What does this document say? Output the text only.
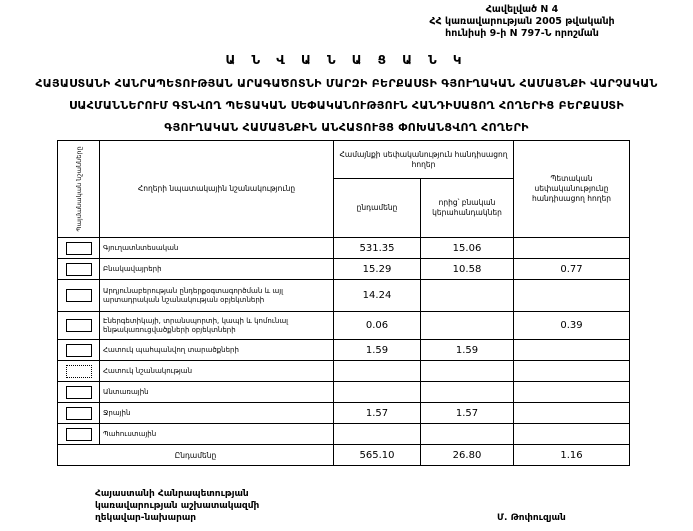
Հավելված N 4
ՀՀ կառավարության 2005 թվականի
հունիսի 9-ի N 797-Ն որոշման
Ա Ն Վ Ա Ն Ա Ց Ա Ն Կ
ՀԱՅԱՍՏԱՆԻ ՀԱՆՐԱՊԵՏՈՒԹՅԱՆ ԱՐԱԳԱԾՈՏՆԻ ՄԱՐԶԻ ԲԵՐՔԱՍՏԻ ԳՅՈՒՂԱԿԱՆ ՀԱՄԱՅՆՔԻ ՎԱՐՉԱԿԱՆ
ՍԱՀՄԱՆՆԵՐՈՒՄ ԳՏՆՎՈՂ ՊԵՏԱԿԱՆ ՍԵՓԱԿԱՆՈՒԹՅՈՒՆ ՀԱՆԴԻՍԱՑՈՂ ՀՈՂԵՐԻՑ ԲԵՐՔԱՍՏԻ
ԳՅՈՒՂԱԿԱՆ ՀԱՄԱՅՆՔԻՆ ԱՆՀԱՏՈՒՅՑ ՓՈԽԱՆՑՎՈՂ ՀՈՂԵՐԻ
Պայմանական նշանները	Հողերի նպատակային նշանակությունը	Համայնքի սեփականություն հանդիսացող հողեր		Պետական սեփականությունը հանդիսացող հողեր
		ընդամենը	որից՝ բնական կերահանդակներ	
	Գյուղատնտեսական	531.35	15.06	
	Բնակավայրերի	15.29	10.58	0.77
	Արդյունաբերության ընդերքօգտագործման և այլ արտադրական նշանակության օբյեկտների	14.24		
	Էներգետիկայի, տրանսպորտի, կապի և կոմունալ ենթակառուցվածքների օբյեկտների	0.06		0.39
	Հատուկ պահպանվող տարածքների	1.59	1.59	
	Հատուկ նշանակության			
	Անտառային			
	Ջրային	1.57	1.57	
	Պահուստային			
Ընդամենը		565.10	26.80	1.16
Հայաստանի Հանրապետության
կառավարության աշխատակազմի
ղեկավար-նախարար	Մ. Թոփուզյան
